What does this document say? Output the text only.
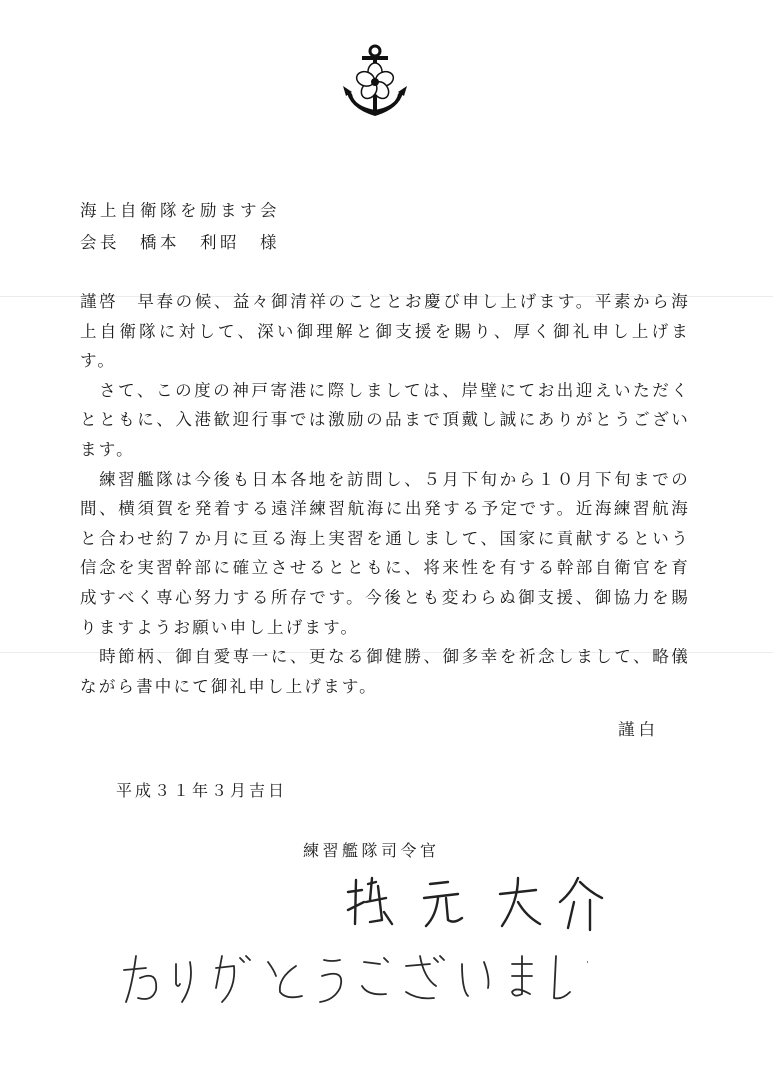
海上自衛隊を励ます会
会長　橋本　利昭　様

謹啓　早春の候、益々御清祥のこととお慶び申し上げます。平素から海上自衛隊に対して、深い御理解と御支援を賜り、厚く御礼申し上げます。

　さて、この度の神戸寄港に際しましては、岸壁にてお出迎えいただくとともに、入港歓迎行事では激励の品まで頂戴し誠にありがとうございます。

　練習艦隊は今後も日本各地を訪問し、５月下旬から１０月下旬までの間、横須賀を発着する遠洋練習航海に出発する予定です。近海練習航海と合わせ約７か月に亘る海上実習を通しまして、国家に貢献するという信念を実習幹部に確立させるとともに、将来性を有する幹部自衛官を育成すべく専心努力する所存です。今後とも変わらぬ御支援、御協力を賜りますようお願い申し上げます。

　時節柄、御自愛専一に、更なる御健勝、御多幸を祈念しまして、略儀ながら書中にて御礼申し上げます。

謹白
平成３１年３月吉日
練習艦隊司令官
